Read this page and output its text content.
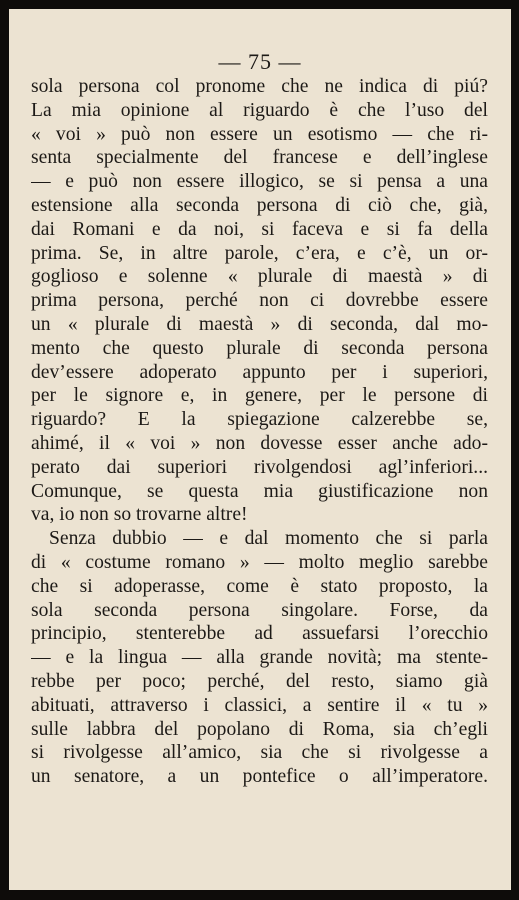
— 75 —
sola persona col pronome che ne indica di piú?
La mia opinione al riguardo è che l’uso del
« voi » può non essere un esotismo — che ri-
senta specialmente del francese e dell’inglese
— e può non essere illogico, se si pensa a una
estensione alla seconda persona di ciò che, già,
dai Romani e da noi, si faceva e si fa della
prima. Se, in altre parole, c’era, e c’è, un or-
goglioso e solenne « plurale di maestà » di
prima persona, perché non ci dovrebbe essere
un « plurale di maestà » di seconda, dal mo-
mento che questo plurale di seconda persona
dev’essere adoperato appunto per i superiori,
per le signore e, in genere, per le persone di
riguardo? E la spiegazione calzerebbe se,
ahimé, il « voi » non dovesse esser anche ado-
perato dai superiori rivolgendosi agl’inferiori...
Comunque, se questa mia giustificazione non
va, io non so trovarne altre!
Senza dubbio — e dal momento che si parla
di « costume romano » — molto meglio sarebbe
che si adoperasse, come è stato proposto, la
sola seconda persona singolare. Forse, da
principio, stenterebbe ad assuefarsi l’orecchio
— e la lingua — alla grande novità; ma stente-
rebbe per poco; perché, del resto, siamo già
abituati, attraverso i classici, a sentire il « tu »
sulle labbra del popolano di Roma, sia ch’egli
si rivolgesse all’amico, sia che si rivolgesse a
un senatore, a un pontefice o all’imperatore.
